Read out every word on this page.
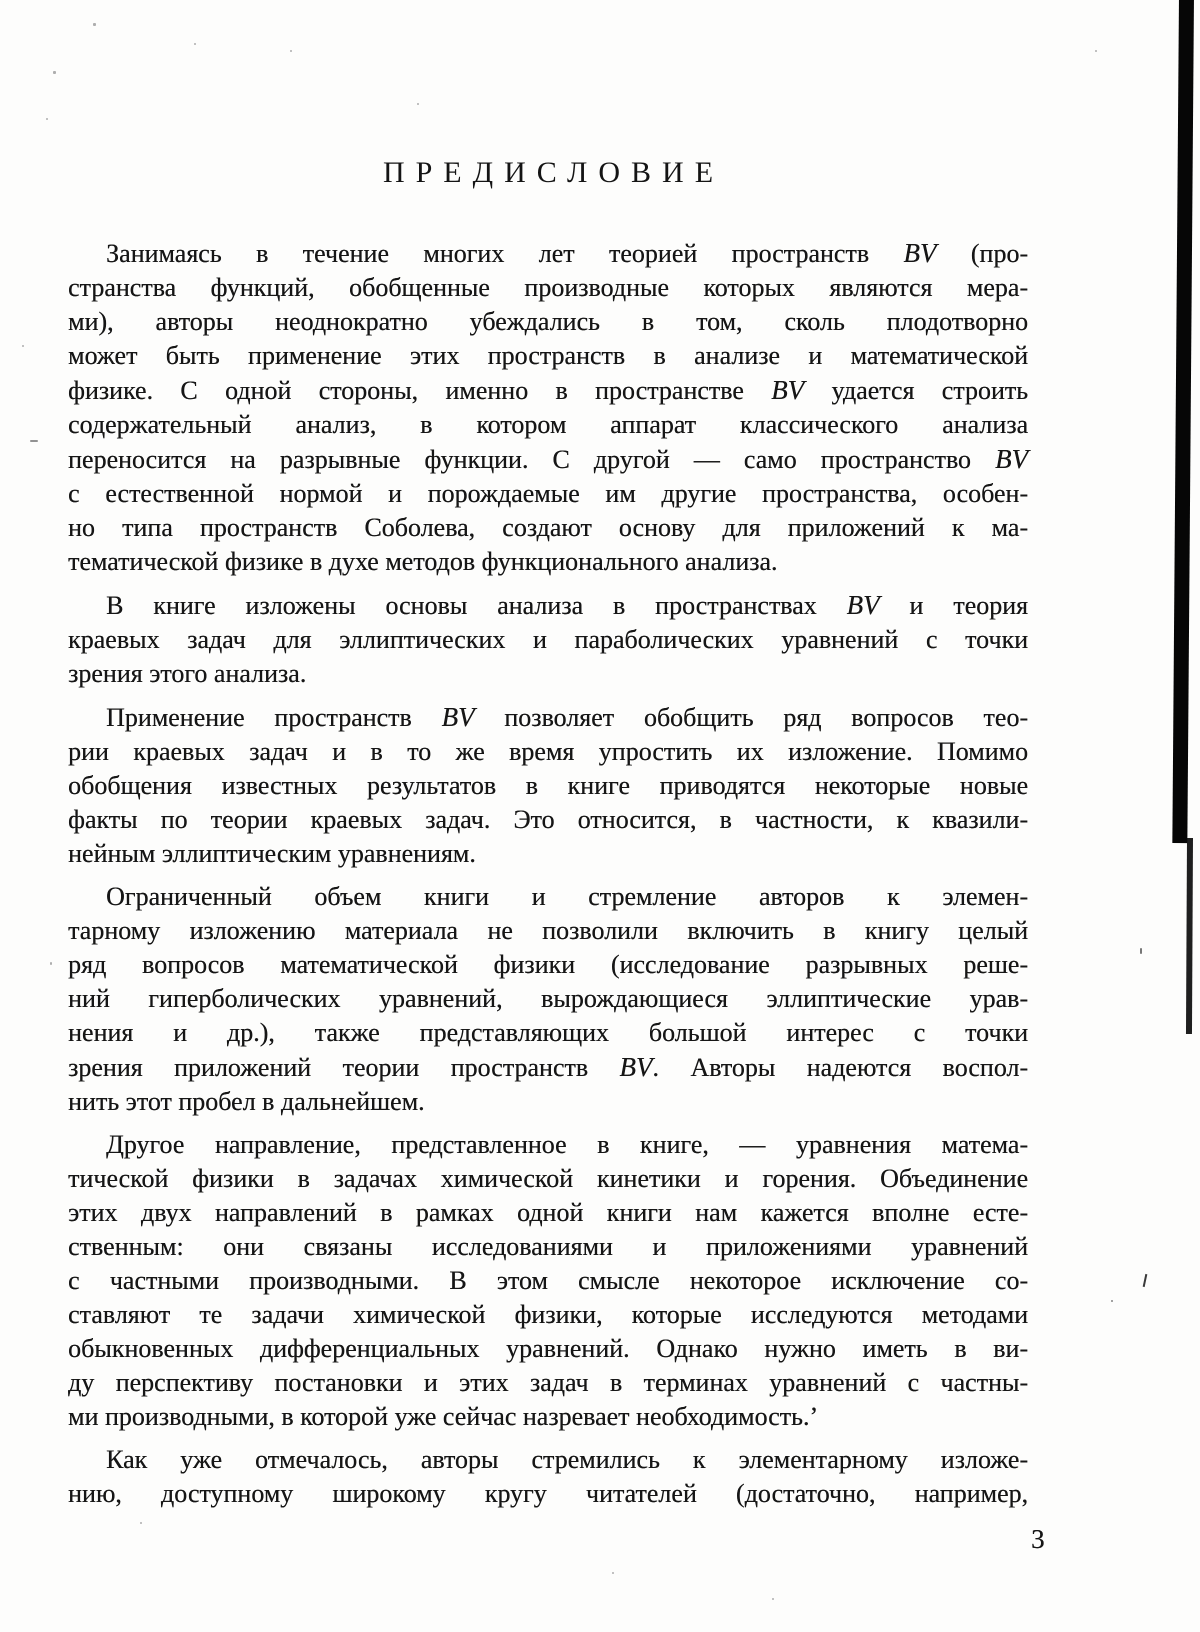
ПРЕДИСЛОВИЕ
Занимаясь в течение многих лет теорией пространств BV (про-
странства функций, обобщенные производные которых являются мера-
ми), авторы неоднократно убеждались в том, сколь плодотворно
может быть применение этих пространств в анализе и математической
физике. С одной стороны, именно в пространстве BV удается строить
содержательный анализ, в котором аппарат классического анализа
переносится на разрывные функции. С другой — само пространство BV
с естественной нормой и порождаемые им другие пространства, особен-
но типа пространств Соболева, создают основу для приложений к ма-
тематической физике в духе методов функционального анализа.
В книге изложены основы анализа в пространствах BV и теория
краевых задач для эллиптических и параболических уравнений с точки
зрения этого анализа.
Применение пространств BV позволяет обобщить ряд вопросов тео-
рии краевых задач и в то же время упростить их изложение. Помимо
обобщения известных результатов в книге приводятся некоторые новые
факты по теории краевых задач. Это относится, в частности, к квазили-
нейным эллиптическим уравнениям.
Ограниченный объем книги и стремление авторов к элемен-
тарному изложению материала не позволили включить в книгу целый
ряд вопросов математической физики (исследование разрывных реше-
ний гиперболических уравнений, вырождающиеся эллиптические урав-
нения и др.), также представляющих большой интерес с точки
зрения приложений теории пространств BV. Авторы надеются воспол-
нить этот пробел в дальнейшем.
Другое направление, представленное в книге, — уравнения матема-
тической физики в задачах химической кинетики и горения. Объединение
этих двух направлений в рамках одной книги нам кажется вполне есте-
ственным: они связаны исследованиями и приложениями уравнений
с частными производными. В этом смысле некоторое исключение со-
ставляют те задачи химической физики, которые исследуются методами
обыкновенных дифференциальных уравнений. Однако нужно иметь в ви-
ду перспективу постановки и этих задач в терминах уравнений с частны-
ми производными, в которой уже сейчас назревает необходимость.’
Как уже отмечалось, авторы стремились к элементарному изложе-
нию, доступному широкому кругу читателей (достаточно, например,
3
